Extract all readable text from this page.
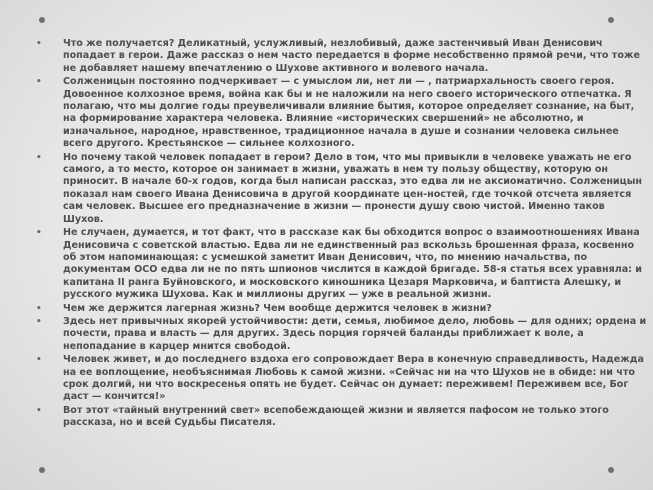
• Что же получается? Деликатный, услужливый, незлобивый, даже застенчивый Иван Денисович попадает в герои. Даже рассказ о нем часто передается в форме несобственно прямой речи, что тоже не добавляет нашему впечатлению о Шухове активного и волевого начала.
• Солженицын постоянно подчеркивает — с умыслом ли, нет ли — , патриархальность своего героя. Довоенное колхозное время, война как бы и не наложили на него своего исторического отпечатка. Я полагаю, что мы долгие годы преувеличивали влияние бытия, которое определяет сознание, на быт, на формирование характера человека. Влияние «исторических свершений» не абсолютно, и изначальное, народное, нравственное, традиционное начала в душе и сознании человека сильнее всего другого. Крестьянское — сильнее колхозного.
• Но почему такой человек попадает в герои? Дело в том, что мы привыкли в человеке уважать не его самого, а то место, которое он занимает в жизни, уважать в нем ту пользу обществу, которую он приносит. В начале 60-х годов, когда был написан рассказ, это едва ли не аксиоматично. Солженицын показал нам своего Ивана Денисовича в другой координате цен-ностей, где точкой отсчета является сам человек. Высшее его предназначение в жизни — пронести душу свою чистой. Именно таков Шухов.
• Не случаен, думается, и тот факт, что в рассказе как бы обходится вопрос о взаимоотношениях Ивана Денисовича с советской властью. Едва ли не единственный раз вскользь брошенная фраза, косвенно об этом напоминающая: с усмешкой заметит Иван Денисович, что, по мнению начальства, по документам ОСО едва ли не по пять шпионов числится в каждой бригаде. 58-я статья всех уравняла: и капитана II ранга Буйновского, и московского киношника Цезаря Марковича, и баптиста Алешку, и русского мужика Шухова. Как и миллионы других — уже в реальной жизни.
• Чем же держится лагерная жизнь? Чем вообще держится человек в жизни?
• Здесь нет привычных якорей устойчивости: дети, семья, любимое дело, любовь — для одних; ордена и почести, права и власть — для других. Здесь порция горячей баланды приближает к воле, а непопадание в карцер мнится свободой.
• Человек живет, и до последнего вздоха его сопровождает Вера в конечную справедливость, Надежда на ее воплощение, необъяснимая Любовь к самой жизни. «Сейчас ни на что Шухов не в обиде: ни что срок долгий, ни что воскресенья опять не будет. Сейчас он думает: переживем! Переживем все, Бог даст — кончится!»
• Вот этот «тайный внутренний свет» всепобеждающей жизни и является пафосом не только этого рассказа, но и всей Судьбы Писателя.
